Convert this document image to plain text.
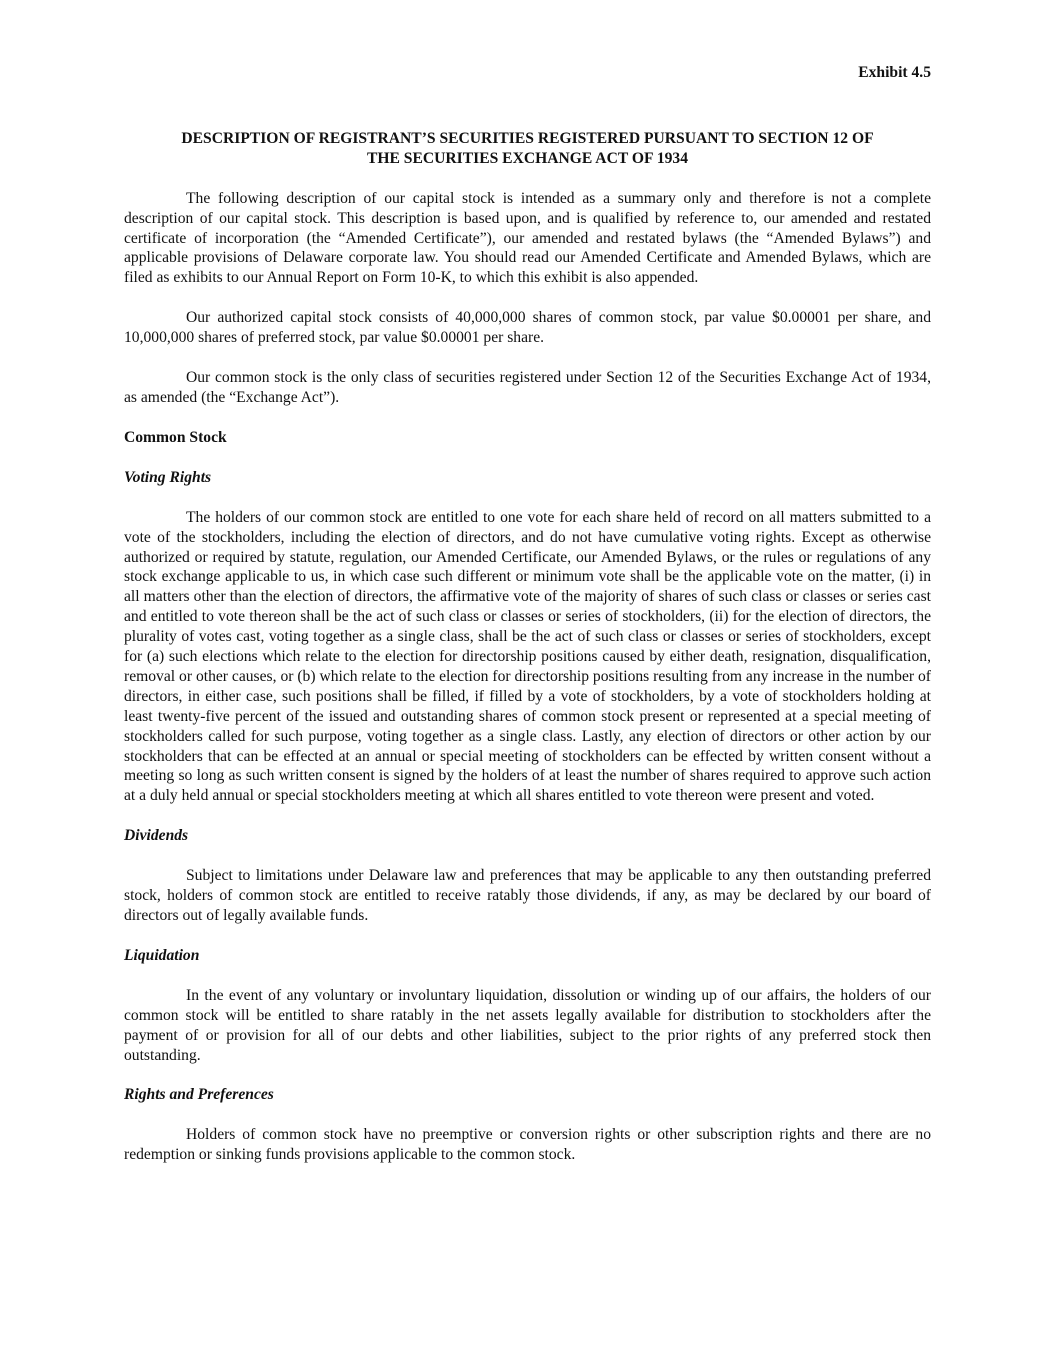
Exhibit 4.5
DESCRIPTION OF REGISTRANT’S SECURITIES REGISTERED PURSUANT TO SECTION 12 OF
THE SECURITIES EXCHANGE ACT OF 1934

The following description of our capital stock is intended as a summary only and therefore is not a complete description of our capital stock. This description is based upon, and is qualified by reference to, our amended and restated certificate of incorporation (the “Amended Certificate”), our amended and restated bylaws (the “Amended Bylaws”) and applicable provisions of Delaware corporate law. You should read our Amended Certificate and Amended Bylaws, which are filed as exhibits to our Annual Report on Form 10-K, to which this exhibit is also appended.

Our authorized capital stock consists of 40,000,000 shares of common stock, par value $0.00001 per share, and 10,000,000 shares of preferred stock, par value $0.00001 per share.

Our common stock is the only class of securities registered under Section 12 of the Securities Exchange Act of 1934, as amended (the “Exchange Act”).

Common Stock
Voting Rights

The holders of our common stock are entitled to one vote for each share held of record on all matters submitted to a vote of the stockholders, including the election of directors, and do not have cumulative voting rights. Except as otherwise authorized or required by statute, regulation, our Amended Certificate, our Amended Bylaws, or the rules or regulations of any stock exchange applicable to us, in which case such different or minimum vote shall be the applicable vote on the matter, (i) in all matters other than the election of directors, the affirmative vote of the majority of shares of such class or classes or series cast and entitled to vote thereon shall be the act of such class or classes or series of stockholders, (ii) for the election of directors, the plurality of votes cast, voting together as a single class, shall be the act of such class or classes or series of stockholders, except for (a) such elections which relate to the election for directorship positions caused by either death, resignation, disqualification, removal or other causes, or (b) which relate to the election for directorship positions resulting from any increase in the number of directors, in either case, such positions shall be filled, if filled by a vote of stockholders, by a vote of stockholders holding at least twenty-five percent of the issued and outstanding shares of common stock present or represented at a special meeting of stockholders called for such purpose, voting together as a single class. Lastly, any election of directors or other action by our stockholders that can be effected at an annual or special meeting of stockholders can be effected by written consent without a meeting so long as such written consent is signed by the holders of at least the number of shares required to approve such action at a duly held annual or special stockholders meeting at which all shares entitled to vote thereon were present and voted.

Dividends

Subject to limitations under Delaware law and preferences that may be applicable to any then outstanding preferred stock, holders of common stock are entitled to receive ratably those dividends, if any, as may be declared by our board of directors out of legally available funds.

Liquidation

In the event of any voluntary or involuntary liquidation, dissolution or winding up of our affairs, the holders of our common stock will be entitled to share ratably in the net assets legally available for distribution to stockholders after the payment of or provision for all of our debts and other liabilities, subject to the prior rights of any preferred stock then outstanding.

Rights and Preferences

Holders of common stock have no preemptive or conversion rights or other subscription rights and there are no redemption or sinking funds provisions applicable to the common stock.
